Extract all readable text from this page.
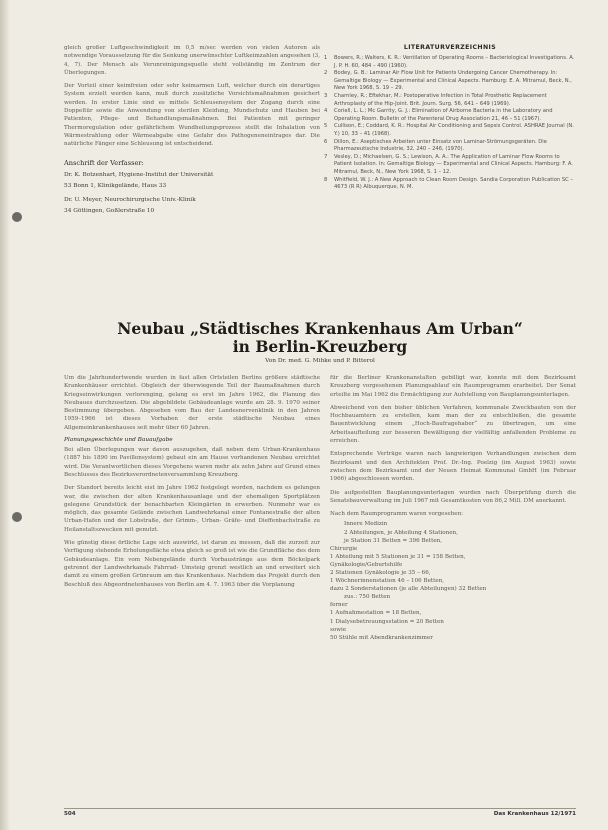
gleich großer Luftgeschwindigkeit im 0,5 m/sec werden von vielen Autoren als notwendige Voraussetzung für die Senkung unerwünschter Luftkeimzahlen angesehen (3, 4, 7). Der Mensch als Verunreinigungsquelle steht vollständig im Zentrum der Überlegungen.

Der Vorteil einer keimfreien oder sehr keimarmen Luft, welcher durch ein derartiges System erzielt werden kann, muß durch zusätzliche Vorsichtsmaßnahmen gesichert werden. In erster Linie sind es mittels Schleusensystem der Zugang durch eine Doppeltür sowie die Anwendung von sterilen Kleidung, Mundschutz und Hauben bei Patienten, Pflege- und Behandlungsmaßnahmen. Bei Patienten mit geringer Thermoregulation oder gefährlichem Wundheilungsprozess stellt die Inhalation von Wärmestrahlung oder Wärmeabgabe eine Gefahr des Pathogeneneintrages dar. Die natürliche Fänger eine Schleusung ist entscheidend.

Anschrift der Verfasser:

Dr. K. Botzenhart, Hygiene-Institut der Universität
53 Bonn 1, Klinikgelände, Haus 33
Dr. U. Meyer, Neurochirurgische Univ.-Klinik
34 Göttingen, Goßlerstraße 10
LITERATURVERZEICHNIS
1	Bowers, R.; Walters, K. R.: Ventilation of Operating Rooms – Bacteriological Investigations. A. J. P. H. 60, 484 – 490 (1960).
2	Bodey, G. B.: Laminar Air Flow Unit for Patients Undergoing Cancer Chemotherapy. In: Gemaltige Biology — Experimental and Clinical Aspects. Hamburg: E. A. Mitramul, Beck, N., New York 1968, S. 19 – 29.
3	Charnley, R.; Eftekhar, M.: Postoperative Infection in Total Prosthetic Replacement Arthroplasty of the Hip-Joint. Brit. Journ. Surg. 56, 641 – 649 (1969).
4	Coriell, L. L.; Mc Garrity, G. J.: Elimination of Airborne Bacteria in the Laboratory and Operating Room. Bulletin of the Parenteral Drug Association 21, 46 – 51 (1967).
5	Cullison, E.; Coddard, K. R.: Hospital Air Conditioning and Sepsis Control. ASHRAE Journal (N. Y.) 10, 33 – 41 (1968).
6	Dillon, E.: Aseptisches Arbeiten unter Einsatz von Laminar-Strömungsgeräten. Die Pharmazeutische Industrie, 32, 240 – 246, (1970).
7	Vesley, D.; Michaelsen, G. S.; Lewison, A. A.: The Application of Laminar Flow Rooms to Patient Isolation. In: Gemaltige Biology — Experimental and Clinical Aspects. Hamburg: F. A. Mitramul, Beck, N., New York 1968, S. 1 – 12.
8	Whitfield, W. J.: A New Approach to Clean Room Design. Sandia Corporation Publication SC – 4673 (R R) Albuquerque, N. M.
Neubau „Städtisches Krankenhaus Am Urban“
in Berlin-Kreuzberg

Von Dr. med. G. Mihke und P. Bitterol

Um die Jahrhundertwende wurden in fast allen Ortsteilen Berlins größere städtische Krankenhäuser errichtet. Obgleich der überwiegende Teil der Baumaßnahmen durch Kriegseinwirkungen verlorenging, gelang es erst im Jahre 1962, die Planung des Neubaues durchzusetzen. Die abgebildete Gebäudeanlage wurde am 28. 9. 1970 seiner Bestimmung übergeben. Abgesehen vom Bau der Landesnervenklinik in den Jahren 1959–1966 ist dieses Vorhaben der erste städtische Neubau eines Allgemeinkrankenhauses seit mehr über 60 Jahren.

Planungsgeschichte und Bauaufgabe

Bei allen Überlegungen war davon auszugehen, daß neben dem Urban-Krankenhaus (1887 bis 1890 im Pavillonsystem) gebaut ein am Hause vorhandenen Neubau errichtet wird. Die Verantwortlichen dieses Vorgehens waren mehr als zehn Jahre auf Grund eines Beschlusses des Bezirksverordnetenversammlung Kreuzberg.

Der Standort bereits leicht eist im Jahre 1962 festgelegt worden, nachdem es gelungen war, die zwischen der alten Krankenhausanlage und der ehemaligen Sportplätzen gelegene Grundstück der benachbarten Kleingärten in erwerben. Nunmehr war es möglich, das gesamte Gelände zwischen Landwehrkanal einer Fontanestraße der alten Urban-Hafen und der Lobstraße, der Grimm-, Urban- Gräfe- und Dieffenbachstraße zu Heilanstaltszwecken mit genutzt.

Wie günstig diese örtliche Lage sich auswirkt, ist daran zu messen, daß die zurzeit zur Verfügung stehende Erholungsfläche etwa gleich so groß ist wie die Grundfläche des dem Gebäudeanlage. Ein vom Nebengelände durch Vorbaustränge aus dem Böckelpark getrennt der Landwehrkanals Fahrrad- Umsteig grenzt westlich an und erweitert sich damit zu einem großen Grünraum am das Krankenhaus. Nachdem das Projekt durch den Beschluß des Abgeordnetenhauses von Berlin am 4. 7. 1963 über die Vorplanung

für die Berliner Krankenanstalten gebilligt war, konnte mit dem Bezirksamt Kreuzberg vorgesehenen Planungsablauf ein Raumprogramm erarbeitet. Der Senat erteilte im Mai 1962 die Ermächtigung zur Aufstellung von Bauplanungsunterlagen.

Abweichend von den bisher üblichen Verfahren, kommunale Zweckbauten von der Hochbauamtern zu erstellen, kam man der zu entschließen, die gesamte Bauentwicklung einem „Hoch-Baufragehaber“ zu übertragen, um eine Arbeitsaufteilung zur besseren Bewältigung der vielfältig anfallenden Probleme zu erreichen.

Entsprechende Verträge waren nach langwierigen Verhandlungen zwischen dem Bezirksamt und den Architekten Prof. Dr.-Ing. Poelzig (im August 1963) sowie zwischen dem Bezirksamt und der Neuen Heimat Kommunal GmbH (im Februar 1966) abgeschlossen worden.

Die aufgestellten Bauplanungsunterlagen wurden nach Überprüfung durch die Senatsbauverwaltung im Juli 1967 mit Gesamtkosten von 86,2 Mill. DM anerkannt.

Nach dem Raumprogramm waren vorgesehen:

Innere Medizin
2 Abteilungen, je Abteilung 4 Stationen,
je Station 31 Betten = 396 Betten,
Chirurgie
1 Abteilung mit 5 Stationen je 31 = 158 Betten,
Gynäkologie/Geburtshilfe
2 Stationen Gynäkologie je 35 – 66,
1 Wöchnerinnenstation 46 – 106 Betten,
dazu 2 Sonderstationen (je alle Abteilungen) 32 Betten
zus.: 750 Betten
ferner
1 Aufnahmestation = 18 Betten,
1 Dialysebetreuungsstation = 20 Betten
sowie
50 Stühle mit Abendkrankenzimmer
504	Das Krankenhaus 12/1971
